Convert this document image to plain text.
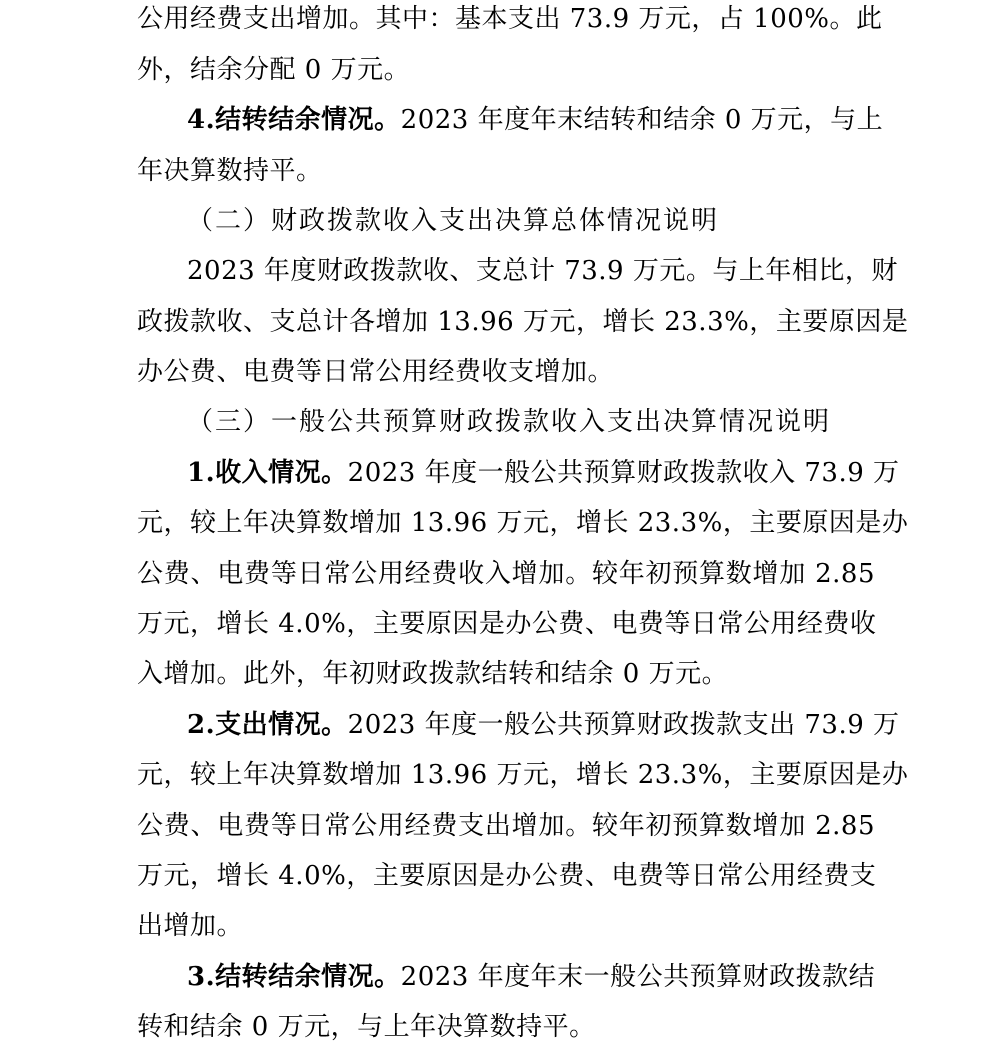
公用经费支出增加。其中：基本支出 73.9 万元，占 100%。此
外，结余分配 0 万元。
4.结转结余情况。2023 年度年末结转和结余 0 万元，与上
年决算数持平。
（二）财政拨款收入支出决算总体情况说明
2023 年度财政拨款收、支总计 73.9 万元。与上年相比，财
政拨款收、支总计各增加 13.96 万元，增长 23.3%，主要原因是
办公费、电费等日常公用经费收支增加。
（三）一般公共预算财政拨款收入支出决算情况说明
1.收入情况。2023 年度一般公共预算财政拨款收入 73.9 万
元，较上年决算数增加 13.96 万元，增长 23.3%，主要原因是办
公费、电费等日常公用经费收入增加。较年初预算数增加 2.85
万元，增长 4.0%，主要原因是办公费、电费等日常公用经费收
入增加。此外，年初财政拨款结转和结余 0 万元。
2.支出情况。2023 年度一般公共预算财政拨款支出 73.9 万
元，较上年决算数增加 13.96 万元，增长 23.3%，主要原因是办
公费、电费等日常公用经费支出增加。较年初预算数增加 2.85
万元，增长 4.0%，主要原因是办公费、电费等日常公用经费支
出增加。
3.结转结余情况。2023 年度年末一般公共预算财政拨款结
转和结余 0 万元，与上年决算数持平。
